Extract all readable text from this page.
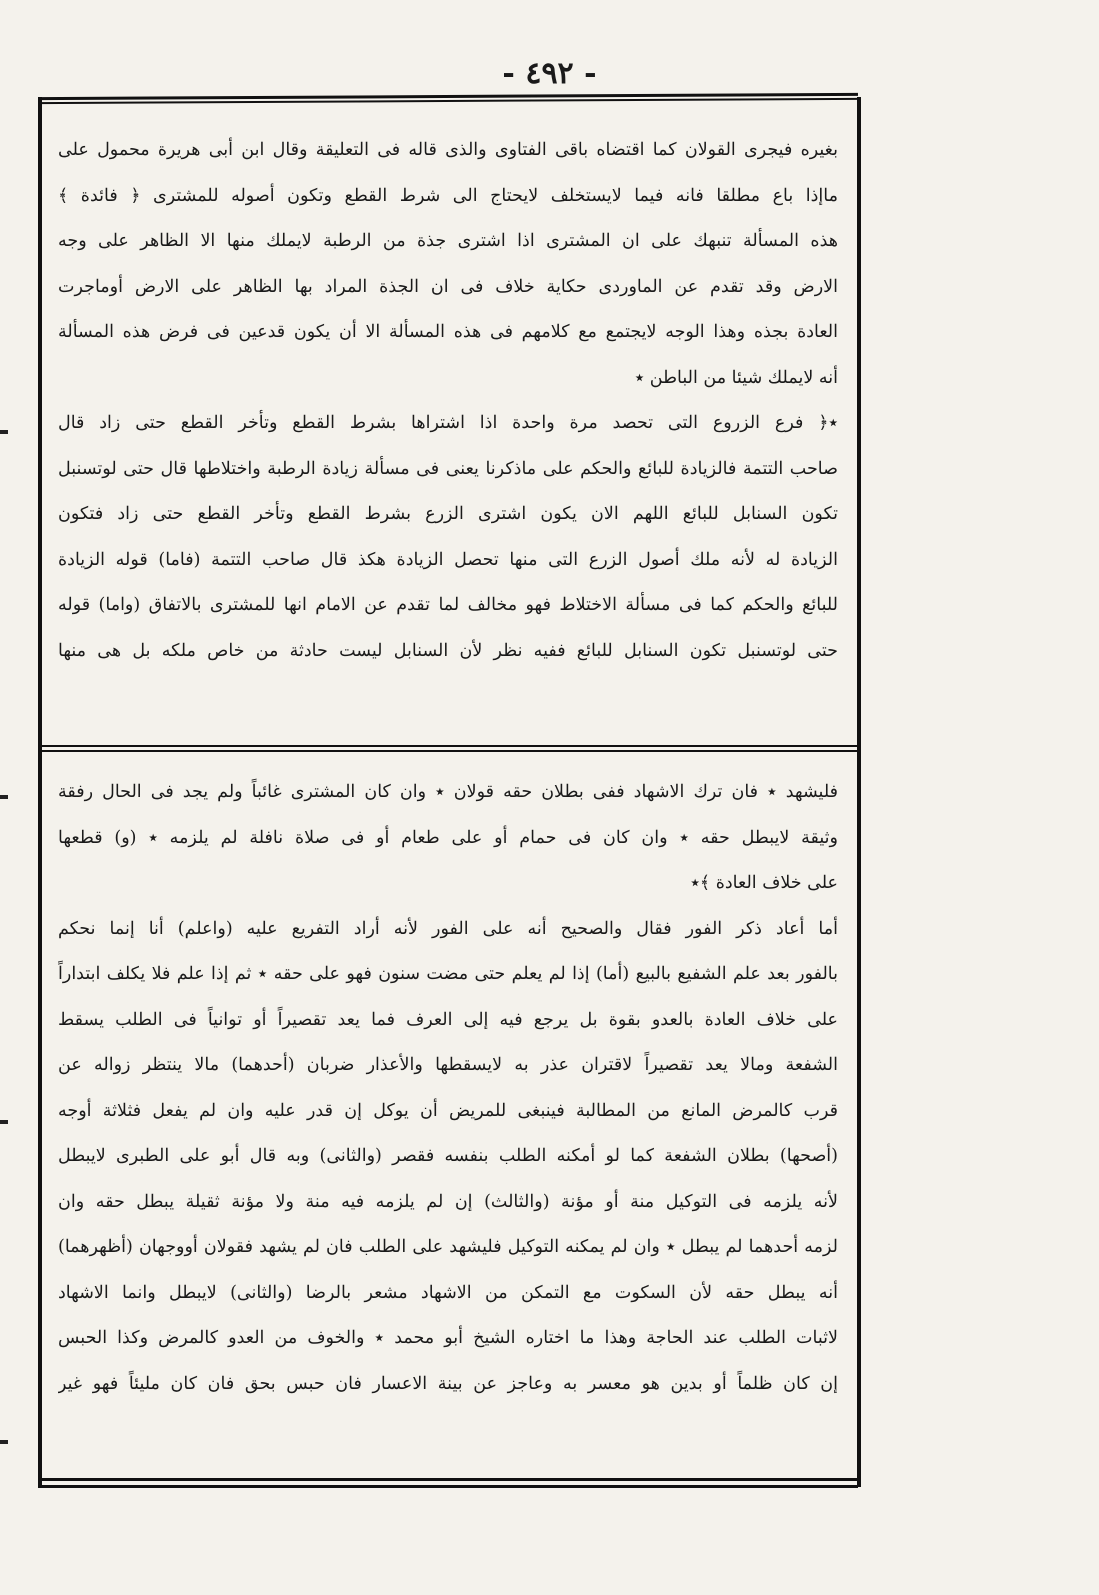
- ٤٩٢ -
بغيره فيجرى القولان كما اقتضاه باقى الفتاوى والذى قاله فى التعليقة وقال ابن أبى هريرة محمول على
ماإذا باع مطلقا فانه فيما لايستخلف لايحتاج الى شرط القطع وتكون أصوله للمشترى ﴿ فائدة ﴾
هذه المسألة تنبهك على ان المشترى اذا اشترى جذة من الرطبة لايملك منها الا الظاهر على وجه
الارض وقد تقدم عن الماوردى حكاية خلاف فى ان الجذة المراد بها الظاهر على الارض أوماجرت
العادة بجذه وهذا الوجه لايجتمع مع كلامهم فى هذه المسألة الا أن يكون قدعين فى فرض هذه المسألة
أنه لايملك شيئا من الباطن ٭
٭﴿ فرع الزروع التى تحصد مرة واحدة اذا اشتراها بشرط القطع وتأخر القطع حتى زاد قال
صاحب التتمة فالزيادة للبائع والحكم على ماذكرنا يعنى فى مسألة زيادة الرطبة واختلاطها قال حتى لوتسنبل
تكون السنابل للبائع اللهم الان يكون اشترى الزرع بشرط القطع وتأخر القطع حتى زاد فتكون
الزيادة له لأنه ملك أصول الزرع التى منها تحصل الزيادة هكذ قال صاحب التتمة (فاما) قوله الزيادة
للبائع والحكم كما فى مسألة الاختلاط فهو مخالف لما تقدم عن الامام انها للمشترى بالاتفاق (واما) قوله
حتى لوتسنبل تكون السنابل للبائع ففيه نظر لأن السنابل ليست حادثة من خاص ملكه بل هى منها
فليشهد ٭ فان ترك الاشهاد ففى بطلان حقه قولان ٭ وان كان المشترى غائباً ولم يجد فى الحال رفقة
وثيقة لايبطل حقه ٭ وان كان فى حمام أو على طعام أو فى صلاة نافلة لم يلزمه ٭ (و) قطعها
على خلاف العادة ﴾٭
أما أعاد ذكر الفور فقال والصحيح أنه على الفور لأنه أراد التفريع عليه (واعلم) أنا إنما نحكم
بالفور بعد علم الشفيع بالبيع (أما) إذا لم يعلم حتى مضت سنون فهو على حقه ٭ ثم إذا علم فلا يكلف ابتداراً
على خلاف العادة بالعدو بقوة بل يرجع فيه إلى العرف فما يعد تقصيراً أو توانياً فى الطلب يسقط
الشفعة ومالا يعد تقصيراً لاقتران عذر به لايسقطها والأعذار ضربان (أحدهما) مالا ينتظر زواله عن
قرب كالمرض المانع من المطالبة فينبغى للمريض أن يوكل إن قدر عليه وان لم يفعل فثلاثة أوجه
(أصحها) بطلان الشفعة كما لو أمكنه الطلب بنفسه فقصر (والثانى) وبه قال أبو على الطبرى لايبطل
لأنه يلزمه فى التوكيل منة أو مؤنة (والثالث) إن لم يلزمه فيه منة ولا مؤنة ثقيلة يبطل حقه وان
لزمه أحدهما لم يبطل ٭ وان لم يمكنه التوكيل فليشهد على الطلب فان لم يشهد فقولان أووجهان (أظهرهما)
أنه يبطل حقه لأن السكوت مع التمكن من الاشهاد مشعر بالرضا (والثانى) لايبطل وانما الاشهاد
لاثبات الطلب عند الحاجة وهذا ما اختاره الشيخ أبو محمد ٭ والخوف من العدو كالمرض وكذا الحبس
إن كان ظلماً أو بدين هو معسر به وعاجز عن بينة الاعسار فان حبس بحق فان كان مليئاً فهو غير
